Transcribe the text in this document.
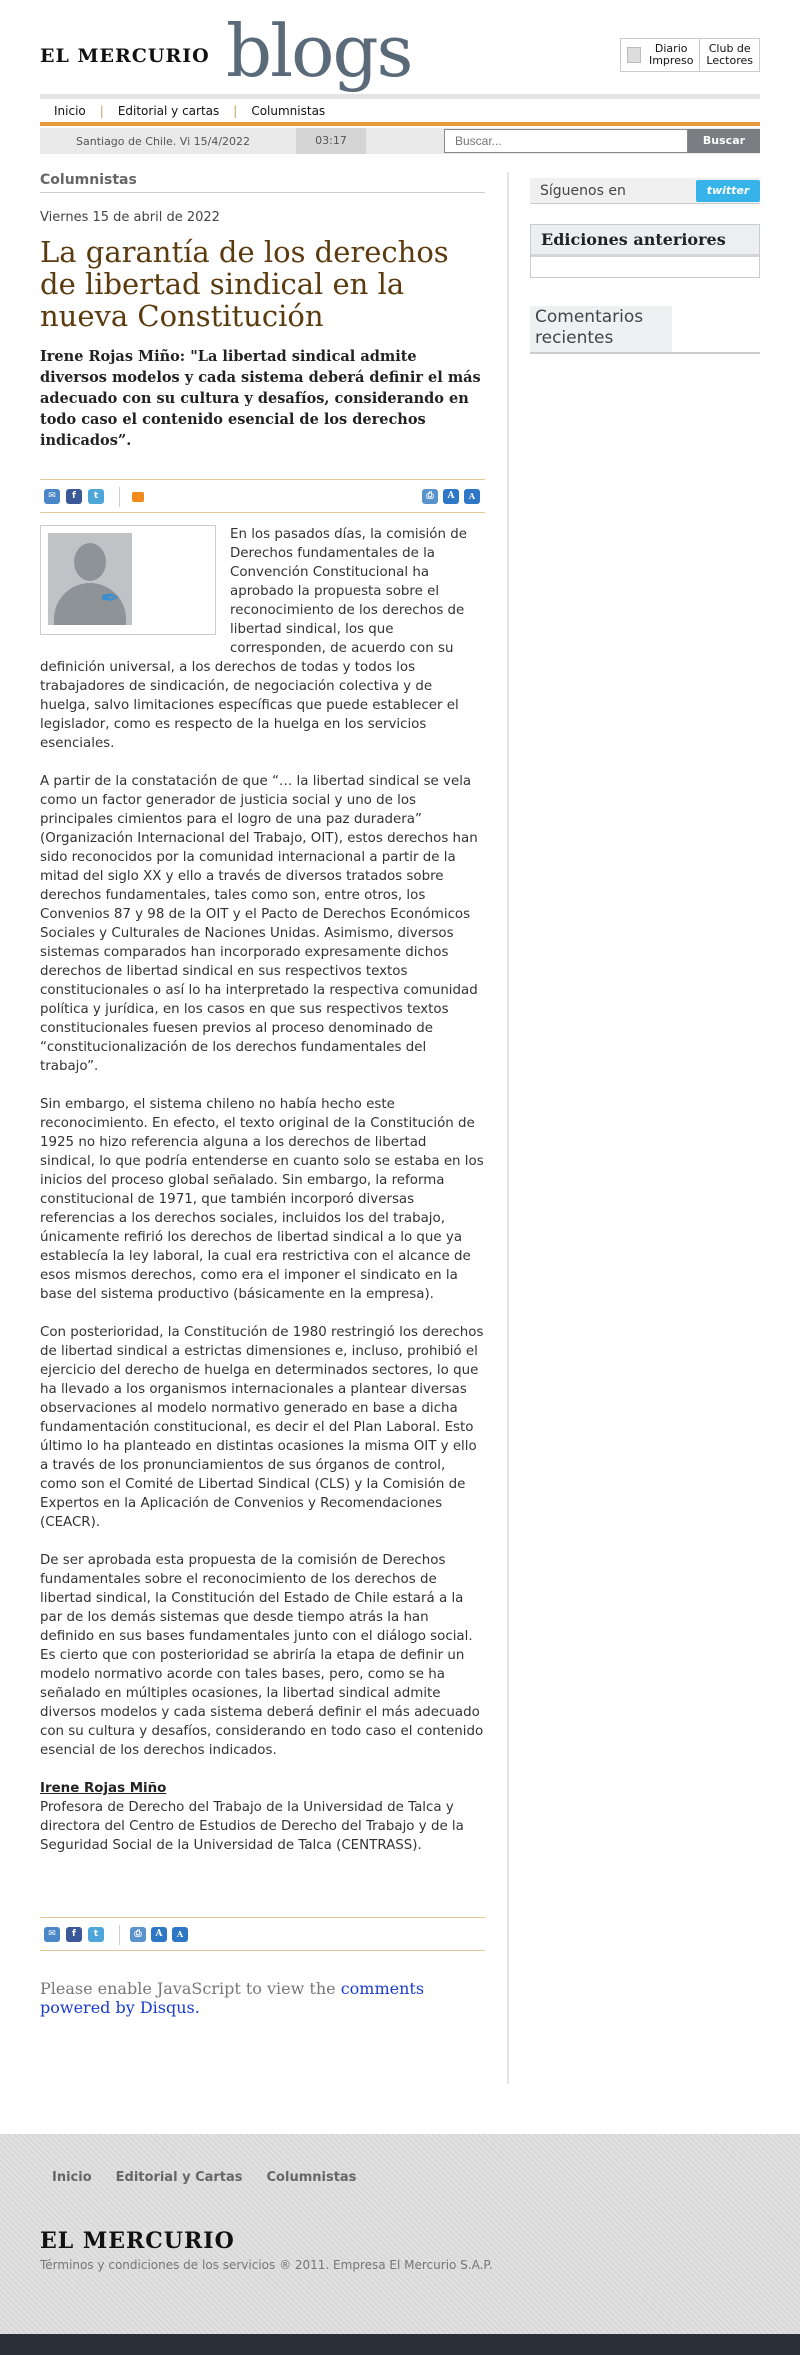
EL MERCURIO blogs	Diario
Impreso
Club de
Lectores
Inicio	|	Editorial y cartas	|	Columnistas
Santiago de Chile. Vi 15/4/2022	03:17
Buscar...	Buscar
Columnistas
Viernes 15 de abril de 2022
La garantía de los derechos de libertad sindical en la nueva Constitución
Irene Rojas Miño: "La libertad sindical admite diversos modelos y cada sistema deberá definir el más adecuado con su cultura y desafíos, considerando en todo caso el contenido esencial de los derechos indicados”.
✉	f	t	⎙	A	A
✒

En los pasados días, la comisión de Derechos fundamentales de la Convención Constitucional ha aprobado la propuesta sobre el reconocimiento de los derechos de libertad sindical, los que corresponden, de acuerdo con su definición universal, a los derechos de todas y todos los trabajadores de sindicación, de negociación colectiva y de huelga, salvo limitaciones específicas que puede establecer el legislador, como es respecto de la huelga en los servicios esenciales.

A partir de la constatación de que “… la libertad sindical se vela como un factor generador de justicia social y uno de los principales cimientos para el logro de una paz duradera” (Organización Internacional del Trabajo, OIT), estos derechos han sido reconocidos por la comunidad internacional a partir de la mitad del siglo XX y ello a través de diversos tratados sobre derechos fundamentales, tales como son, entre otros, los Convenios 87 y 98 de la OIT y el Pacto de Derechos Económicos Sociales y Culturales de Naciones Unidas. Asimismo, diversos sistemas comparados han incorporado expresamente dichos derechos de libertad sindical en sus respectivos textos constitucionales o así lo ha interpretado la respectiva comunidad política y jurídica, en los casos en que sus respectivos textos constitucionales fuesen previos al proceso denominado de “constitucionalización de los derechos fundamentales del trabajo”.

Sin embargo, el sistema chileno no había hecho este reconocimiento. En efecto, el texto original de la Constitución de 1925 no hizo referencia alguna a los derechos de libertad sindical, lo que podría entenderse en cuanto solo se estaba en los inicios del proceso global señalado. Sin embargo, la reforma constitucional de 1971, que también incorporó diversas referencias a los derechos sociales, incluidos los del trabajo, únicamente refirió los derechos de libertad sindical a lo que ya establecía la ley laboral, la cual era restrictiva con el alcance de esos mismos derechos, como era el imponer el sindicato en la base del sistema productivo (básicamente en la empresa).

Con posterioridad, la Constitución de 1980 restringió los derechos de libertad sindical a estrictas dimensiones e, incluso, prohibió el ejercicio del derecho de huelga en determinados sectores, lo que ha llevado a los organismos internacionales a plantear diversas observaciones al modelo normativo generado en base a dicha fundamentación constitucional, es decir el del Plan Laboral. Esto último lo ha planteado en distintas ocasiones la misma OIT y ello a través de los pronunciamientos de sus órganos de control, como son el Comité de Libertad Sindical (CLS) y la Comisión de Expertos en la Aplicación de Convenios y Recomendaciones (CEACR).

De ser aprobada esta propuesta de la comisión de Derechos fundamentales sobre el reconocimiento de los derechos de libertad sindical, la Constitución del Estado de Chile estará a la par de los demás sistemas que desde tiempo atrás la han definido en sus bases fundamentales junto con el diálogo social. Es cierto que con posterioridad se abriría la etapa de definir un modelo normativo acorde con tales bases, pero, como se ha señalado en múltiples ocasiones, la libertad sindical admite diversos modelos y cada sistema deberá definir el más adecuado con su cultura y desafíos, considerando en todo caso el contenido esencial de los derechos indicados.

Irene Rojas Miño
Profesora de Derecho del Trabajo de la Universidad de Talca y directora del Centro de Estudios de Derecho del Trabajo y de la Seguridad Social de la Universidad de Talca (CENTRASS).
✉	f	t	⎙	A	A
Please enable JavaScript to view the comments powered by Disqus.
Síguenos en	twitter
Ediciones anteriores
Comentarios recientes
Inicio	Editorial y Cartas	Columnistas
EL MERCURIO
Términos y condiciones de los servicios ® 2011. Empresa El Mercurio S.A.P.
